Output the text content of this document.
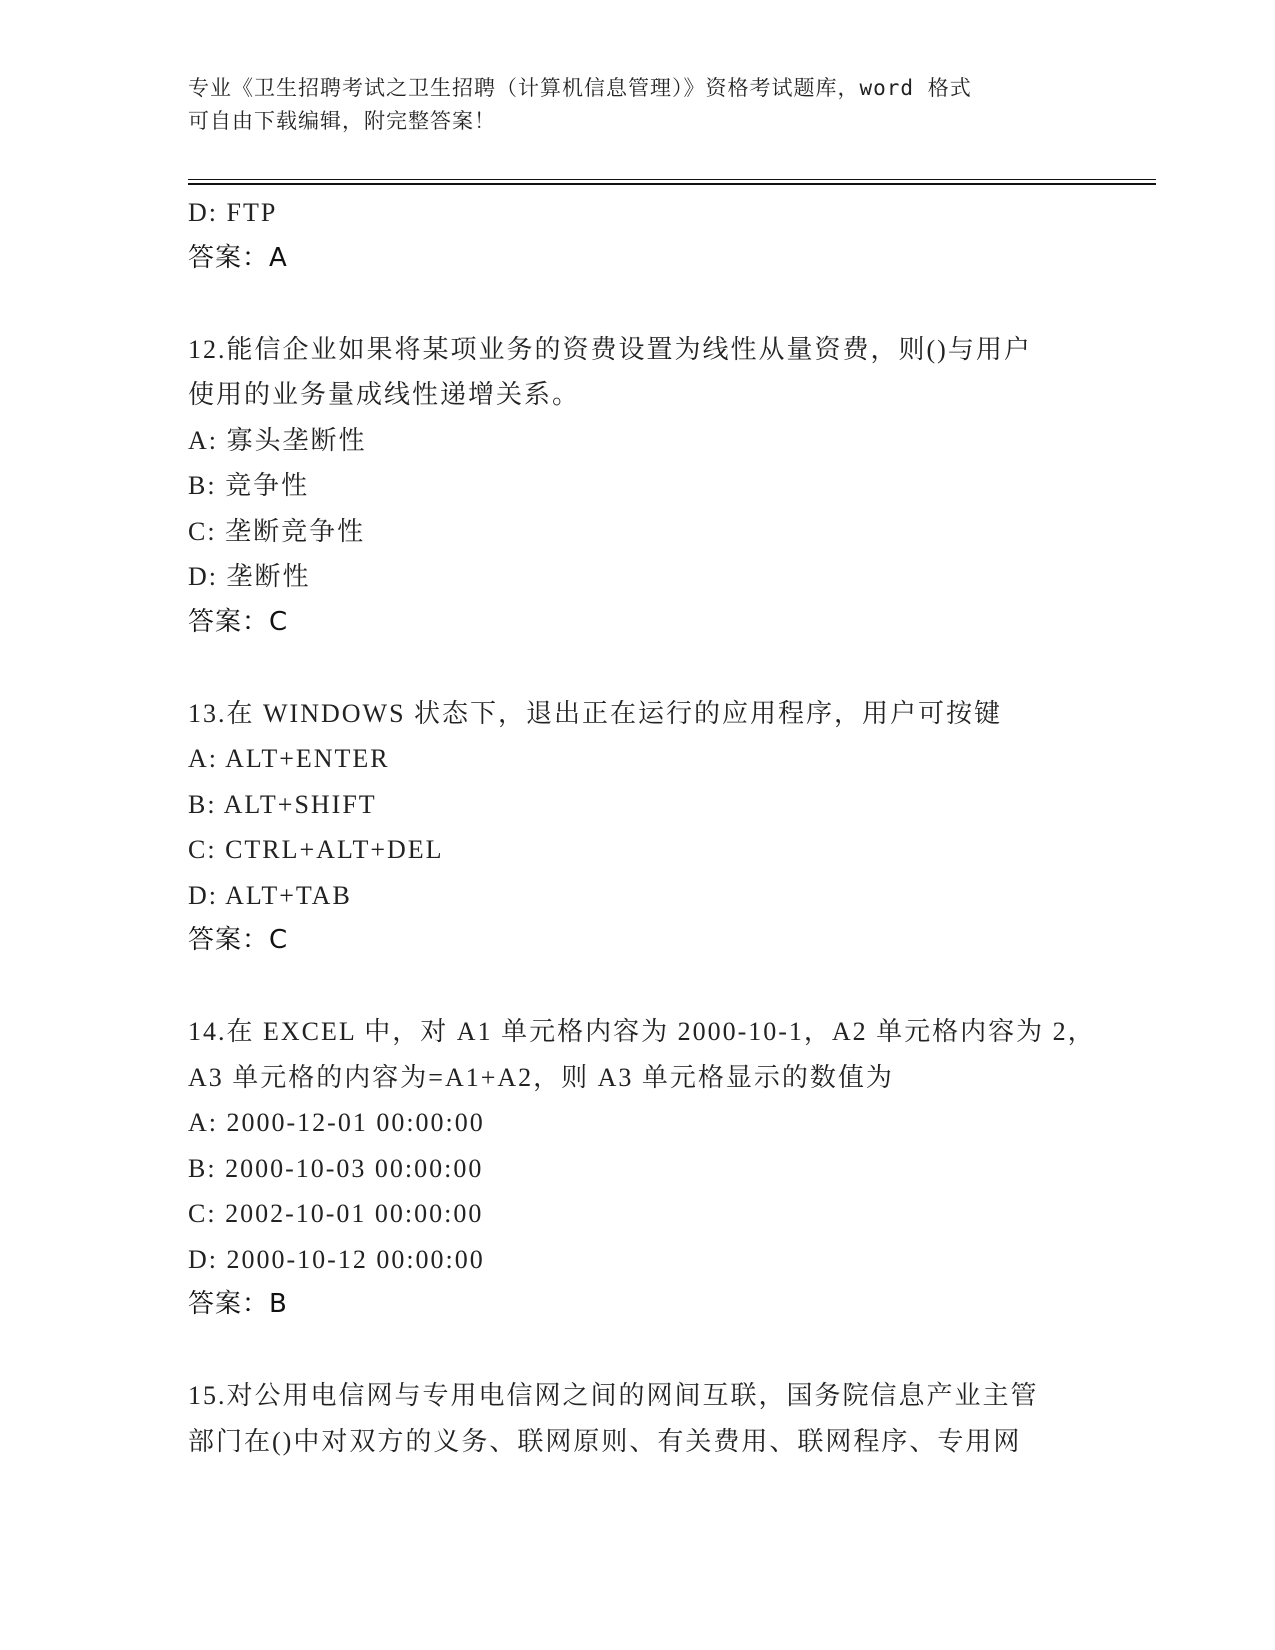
专业《卫生招聘考试之卫生招聘（计算机信息管理）》资格考试题库，word 格式
可自由下载编辑，附完整答案！
D: FTP
答案：A
12.能信企业如果将某项业务的资费设置为线性从量资费，则()与用户
使用的业务量成线性递增关系。
A: 寡头垄断性
B: 竞争性
C: 垄断竞争性
D: 垄断性
答案：C
13.在 WINDOWS 状态下，退出正在运行的应用程序，用户可按键
A: ALT+ENTER
B: ALT+SHIFT
C: CTRL+ALT+DEL
D: ALT+TAB
答案：C
14.在 EXCEL 中，对 A1 单元格内容为 2000-10-1，A2 单元格内容为 2，
A3 单元格的内容为=A1+A2，则 A3 单元格显示的数值为
A: 2000-12-01 00:00:00
B: 2000-10-03 00:00:00
C: 2002-10-01 00:00:00
D: 2000-10-12 00:00:00
答案：B
15.对公用电信网与专用电信网之间的网间互联，国务院信息产业主管
部门在()中对双方的义务、联网原则、有关费用、联网程序、专用网
